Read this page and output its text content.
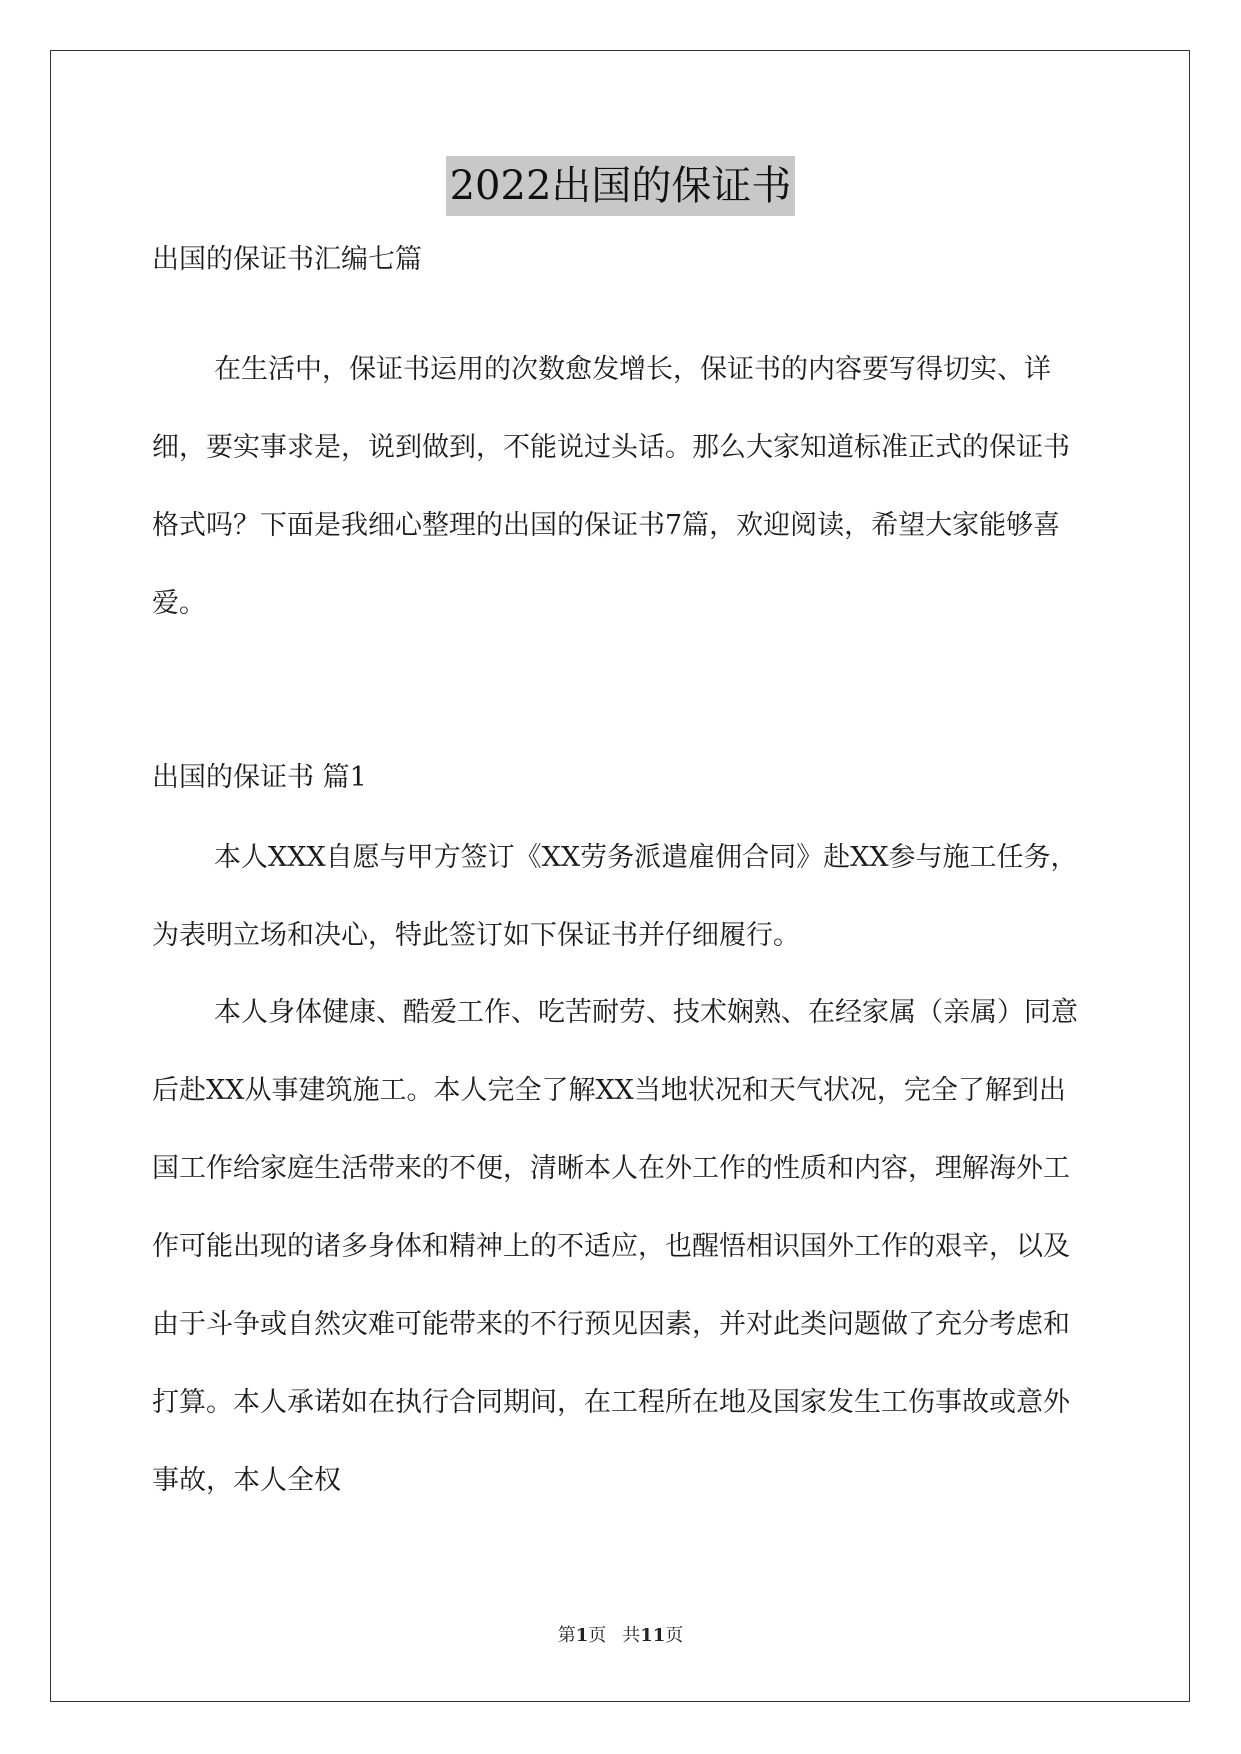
2022出国的保证书
出国的保证书汇编七篇

在生活中，保证书运用的次数愈发增长，保证书的内容要写得切实、详细，要实事求是，说到做到，不能说过头话。那么大家知道标准正式的保证书格式吗？下面是我细心整理的出国的保证书7篇，欢迎阅读，希望大家能够喜爱。

出国的保证书 篇1

本人XXX自愿与甲方签订《XX劳务派遣雇佣合同》赴XX参与施工任务，为表明立场和决心，特此签订如下保证书并仔细履行。

本人身体健康、酷爱工作、吃苦耐劳、技术娴熟、在经家属（亲属）同意后赴XX从事建筑施工。本人完全了解XX当地状况和天气状况，完全了解到出国工作给家庭生活带来的不便，清晰本人在外工作的性质和内容，理解海外工作可能出现的诸多身体和精神上的不适应，也醒悟相识国外工作的艰辛，以及由于斗争或自然灾难可能带来的不行预见因素，并对此类问题做了充分考虑和打算。本人承诺如在执行合同期间，在工程所在地及国家发生工伤事故或意外事故，本人全权

第1页 共11页
